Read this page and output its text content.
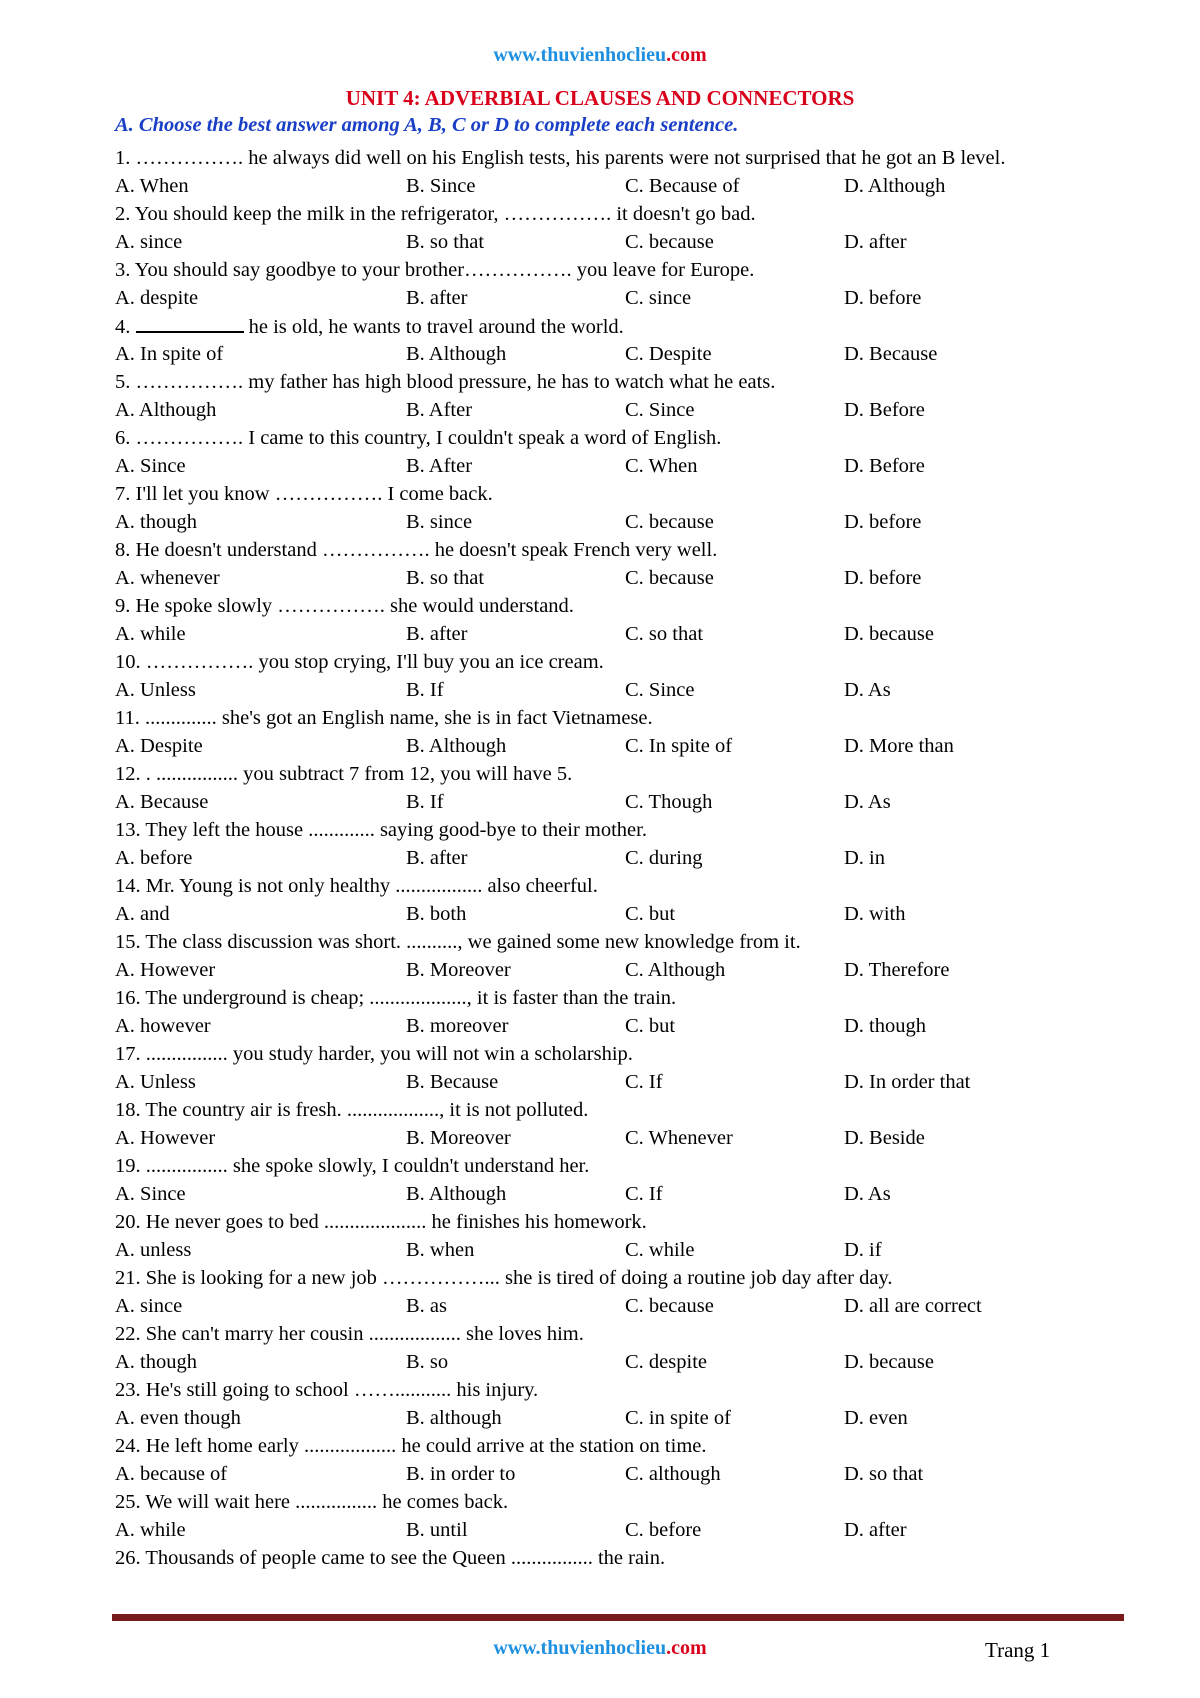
www.thuvienhoclieu.com
UNIT 4: ADVERBIAL CLAUSES AND CONNECTORS
A. Choose the best answer among A, B, C or D to complete each sentence.
1. ……………. he always did well on his English tests, his parents were not surprised that he got an B level.
A. When	B. Since	C. Because of	D. Although
2. You should keep the milk in the refrigerator, ……………. it doesn't go bad.
A. since	B. so that	C. because	D. after
3. You should say goodbye to your brother……………. you leave for Europe.
A. despite	B. after	C. since	D. before
4.	he is old, he wants to travel around the world.
A. In spite of	B. Although	C. Despite	D. Because
5. ……………. my father has high blood pressure, he has to watch what he eats.
A. Although	B. After	C. Since	D. Before
6. ……………. I came to this country, I couldn't speak a word of English.
A. Since	B. After	C. When	D. Before
7. I'll let you know ……………. I come back.
A. though	B. since	C. because	D. before
8. He doesn't understand ……………. he doesn't speak French very well.
A. whenever	B. so that	C. because	D. before
9. He spoke slowly ……………. she would understand.
A. while	B. after	C. so that	D. because
10. ……………. you stop crying, I'll buy you an ice cream.
A. Unless	B. If	C. Since	D. As
11. .............. she's got an English name, she is in fact Vietnamese.
A. Despite	B. Although	C. In spite of	D. More than
12. . ................ you subtract 7 from 12, you will have 5.
A. Because	B. If	C. Though	D. As
13. They left the house ............. saying good-bye to their mother.
A. before	B. after	C. during	D. in
14. Mr. Young is not only healthy ................. also cheerful.
A. and	B. both	C. but	D. with
15. The class discussion was short. .........., we gained some new knowledge from it.
A. However	B. Moreover	C. Although	D. Therefore
16. The underground is cheap; ..................., it is faster than the train.
A. however	B. moreover	C. but	D. though
17. ................ you study harder, you will not win a scholarship.
A. Unless	B. Because	C. If	D. In order that
18. The country air is fresh. .................., it is not polluted.
A. However	B. Moreover	C. Whenever	D. Beside
19. ................ she spoke slowly, I couldn't understand her.
A. Since	B. Although	C. If	D. As
20. He never goes to bed .................... he finishes his homework.
A. unless	B. when	C. while	D. if
21. She is looking for a new job ……………... she is tired of doing a routine job day after day.
A. since	B. as	C. because	D. all are correct
22. She can't marry her cousin .................. she loves him.
A. though	B. so	C. despite	D. because
23. He's still going to school ……........... his injury.
A. even though	B. although	C. in spite of	D. even
24. He left home early .................. he could arrive at the station on time.
A. because of	B. in order to	C. although	D. so that
25. We will wait here ................ he comes back.
A. while	B. until	C. before	D. after
26. Thousands of people came to see the Queen ................ the rain.
www.thuvienhoclieu.com	Trang 1
